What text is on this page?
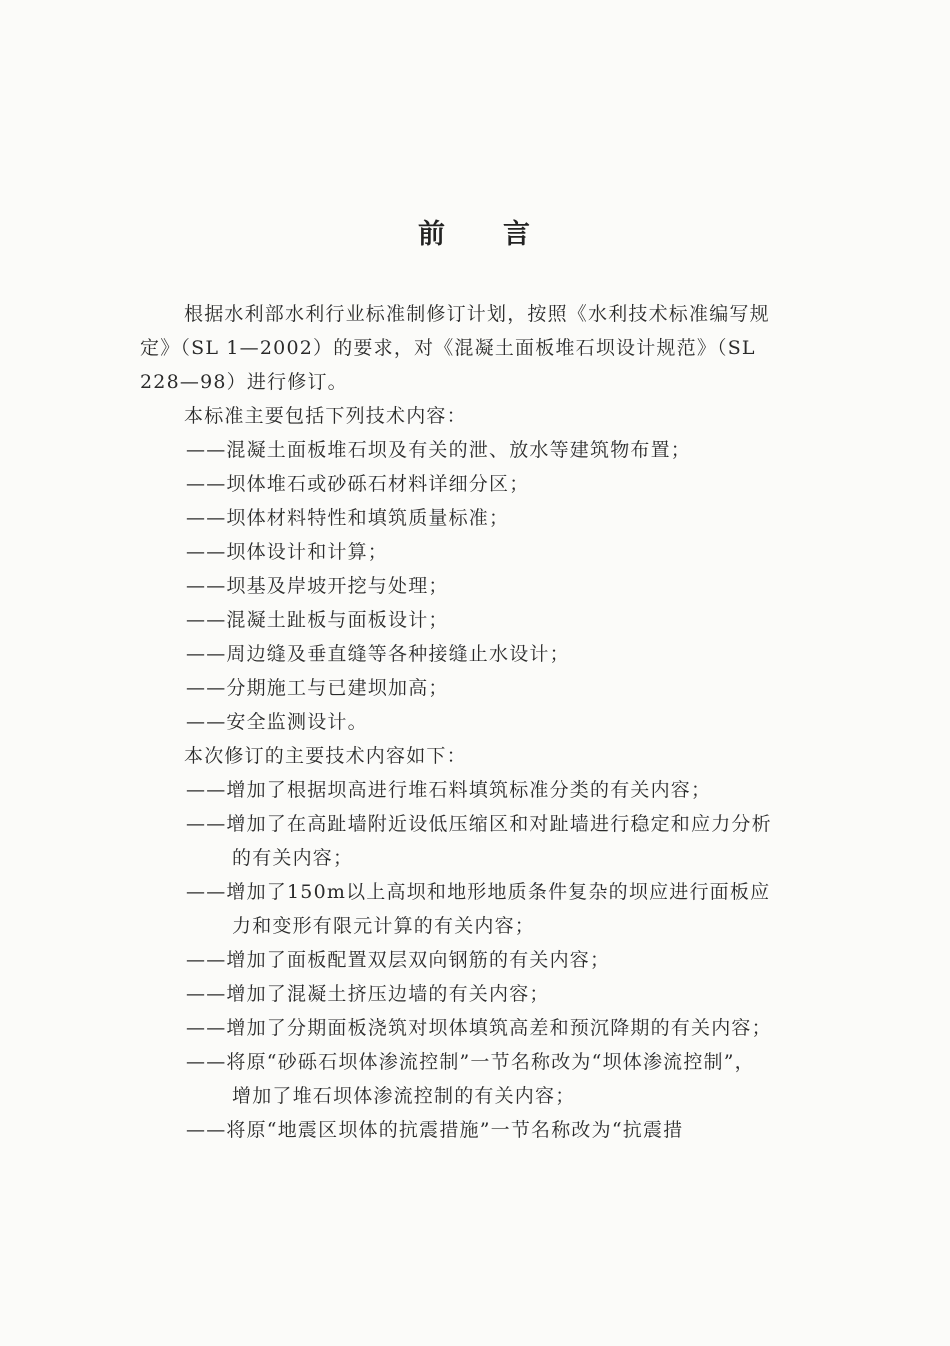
前 言

根据水利部水利行业标准制修订计划，按照《水利技术标准编写规定》（SL 1—2002）的要求，对《混凝土面板堆石坝设计规范》（SL 228—98）进行修订。

本标准主要包括下列技术内容：

——混凝土面板堆石坝及有关的泄、放水等建筑物布置；

——坝体堆石或砂砾石材料详细分区；

——坝体材料特性和填筑质量标准；

——坝体设计和计算；

——坝基及岸坡开挖与处理；

——混凝土趾板与面板设计；

——周边缝及垂直缝等各种接缝止水设计；

——分期施工与已建坝加高；

——安全监测设计。

本次修订的主要技术内容如下：

——增加了根据坝高进行堆石料填筑标准分类的有关内容；

——增加了在高趾墙附近设低压缩区和对趾墙进行稳定和应力分析的有关内容；

——增加了150m以上高坝和地形地质条件复杂的坝应进行面板应力和变形有限元计算的有关内容；

——增加了面板配置双层双向钢筋的有关内容；

——增加了混凝土挤压边墙的有关内容；

——增加了分期面板浇筑对坝体填筑高差和预沉降期的有关内容；

——将原“砂砾石坝体渗流控制”一节名称改为“坝体渗流控制”，增加了堆石坝体渗流控制的有关内容；

——将原“地震区坝体的抗震措施”一节名称改为“抗震措
